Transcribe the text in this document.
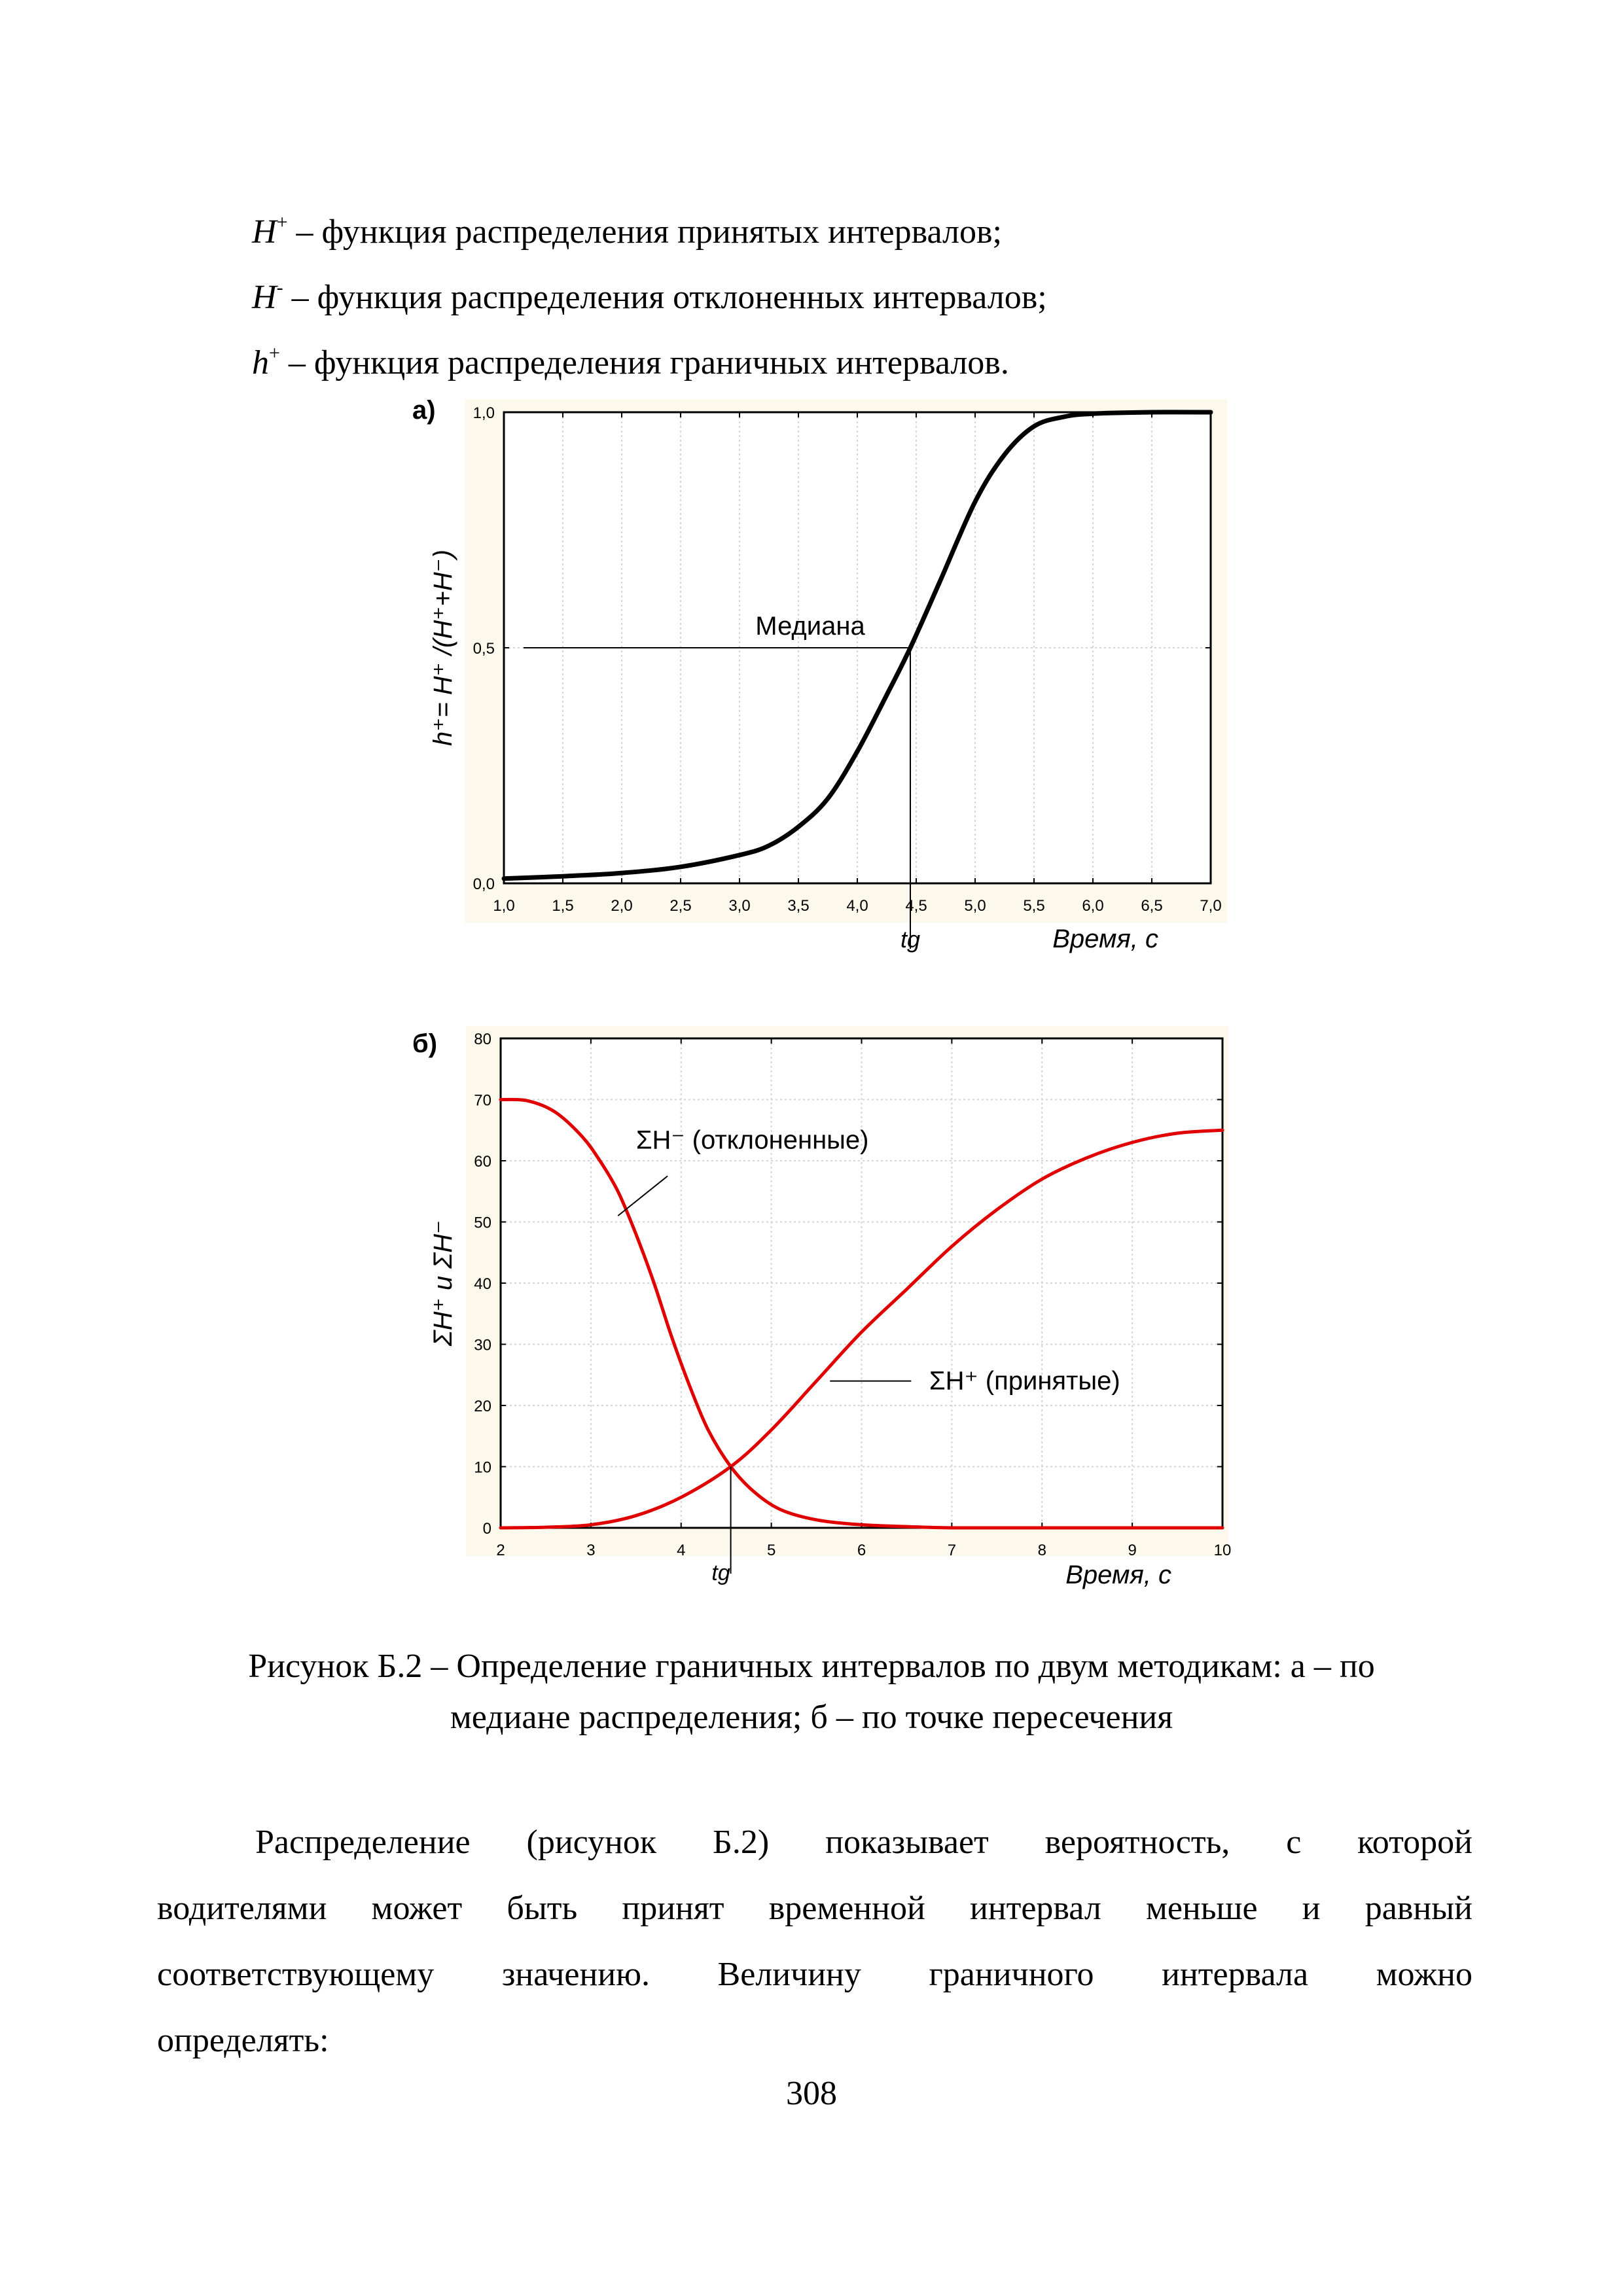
H+ – функция распределения принятых интервалов;
H- – функция распределения отклоненных интервалов;
h+ – функция распределения граничных интервалов.
1,0 1,5 2,0 2,5 3,0 3,5 4,0 4,5 5,0 5,5 6,0 6,5 7,0
0,0
0,5
1,0
Медиана
tg	Время, с
а)
h⁺= H⁺ /(H⁺+H⁻)
2	3	4	5	6	7	8	9	10
0
10
20
30
40
50
60
70
80
tg
ΣH⁻ (отклоненные)
ΣH⁺ (принятые)
Время, с
б)
ΣH⁺ и ΣH⁻
Рисунок Б.2 – Определение граничных интервалов по двум методикам: а – по
медиане распределения; б – по точке пересечения
Распределение (рисунок Б.2) показывает вероятность, с которой
водителями может быть принят временной интервал меньше и равный
соответствующему значению. Величину граничного интервала можно
определять:
308
